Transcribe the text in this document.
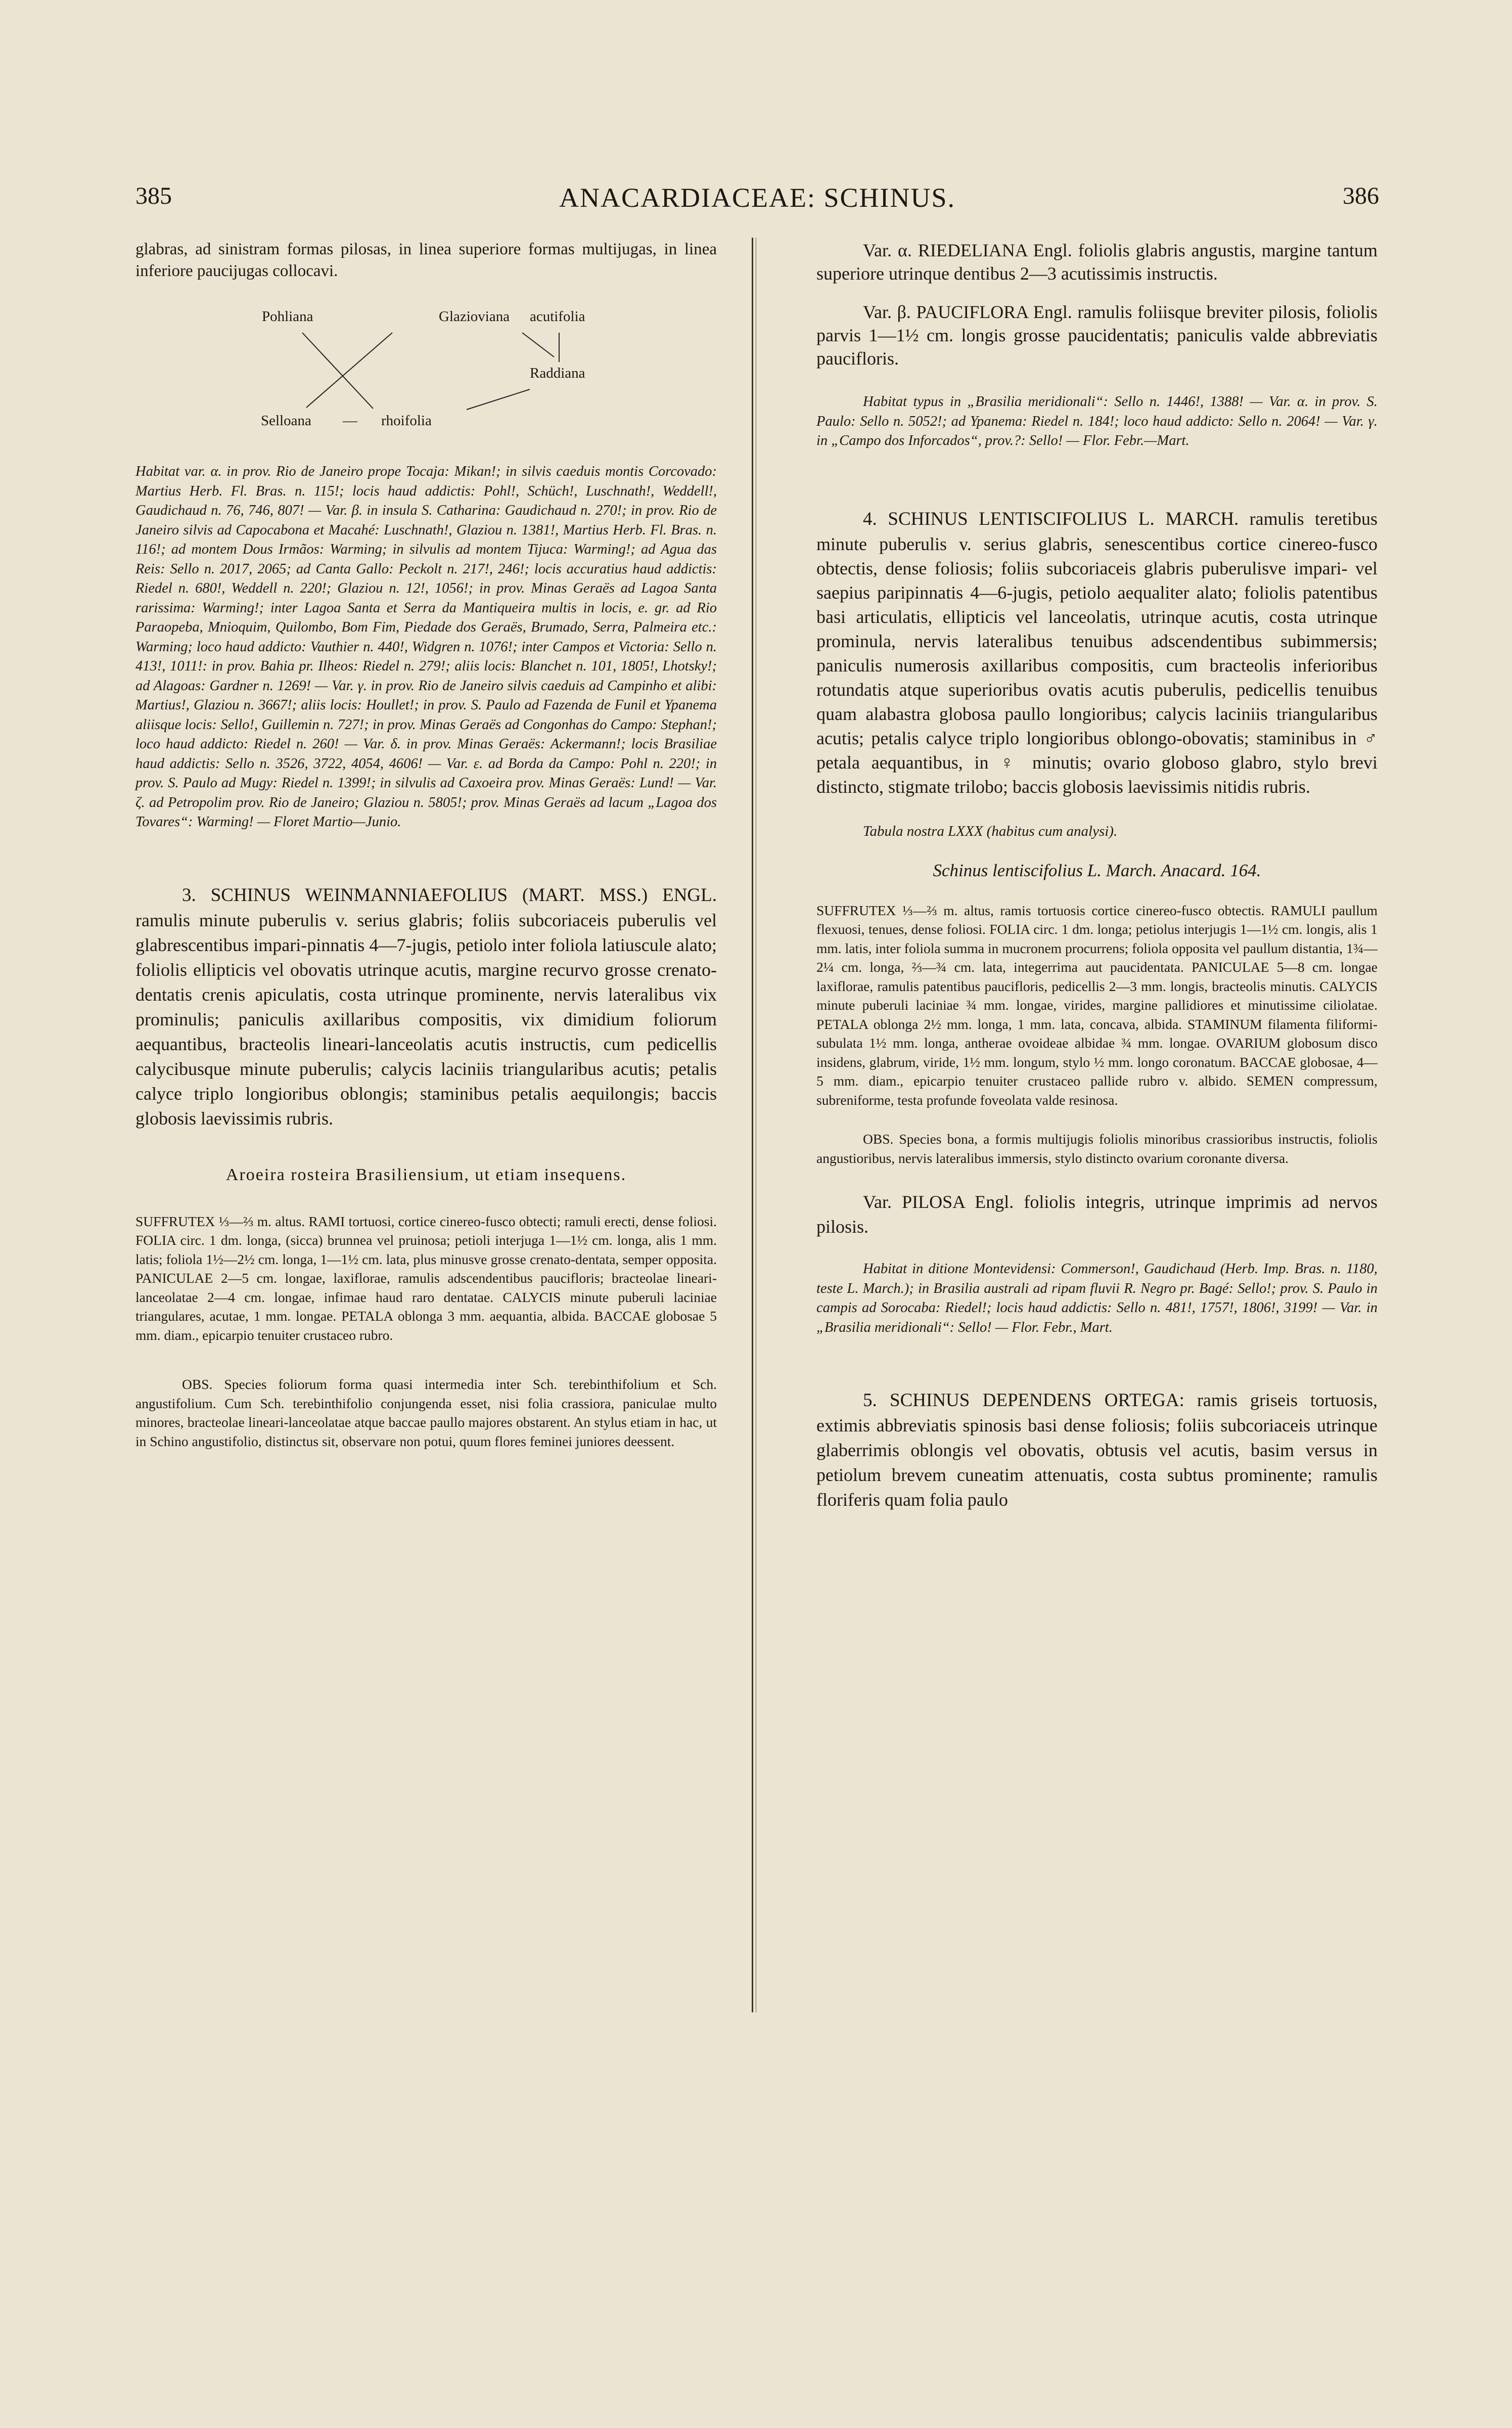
385	ANACARDIACEAE: SCHINUS.	386

glabras, ad sinistram formas pilosas, in linea superiore formas multijugas, in linea inferiore paucijugas collocavi.

Pohliana	Glazioviana acutifolia
Raddiana
Selloana — rhoifolia

Habitat var. α. in prov. Rio de Janeiro prope Tocaja: Mikan!; in silvis caeduis montis Corcovado: Martius Herb. Fl. Bras. n. 115!; locis haud addictis: Pohl!, Schüch!, Luschnath!, Weddell!, Gaudichaud n. 76, 746, 807! — Var. β. in insula S. Catharina: Gaudichaud n. 270!; in prov. Rio de Janeiro silvis ad Capocabona et Macahé: Luschnath!, Glaziou n. 1381!, Martius Herb. Fl. Bras. n. 116!; ad montem Dous Irmãos: Warming; in silvulis ad montem Tijuca: Warming!; ad Agua das Reis: Sello n. 2017, 2065; ad Canta Gallo: Peckolt n. 217!, 246!; locis accuratius haud addictis: Riedel n. 680!, Weddell n. 220!; Glaziou n. 12!, 1056!; in prov. Minas Geraës ad Lagoa Santa rarissima: Warming!; inter Lagoa Santa et Serra da Mantiqueira multis in locis, e. gr. ad Rio Paraopeba, Mnioquim, Quilombo, Bom Fim, Piedade dos Geraës, Brumado, Serra, Palmeira etc.: Warming; loco haud addicto: Vauthier n. 440!, Widgren n. 1076!; inter Campos et Victoria: Sello n. 413!, 1011!: in prov. Bahia pr. Ilheos: Riedel n. 279!; aliis locis: Blanchet n. 101, 1805!, Lhotsky!; ad Alagoas: Gardner n. 1269! — Var. γ. in prov. Rio de Janeiro silvis caeduis ad Campinho et alibi: Martius!, Glaziou n. 3667!; aliis locis: Houllet!; in prov. S. Paulo ad Fazenda de Funil et Ypanema aliisque locis: Sello!, Guillemin n. 727!; in prov. Minas Geraës ad Congonhas do Campo: Stephan!; loco haud addicto: Riedel n. 260! — Var. δ. in prov. Minas Geraës: Ackermann!; locis Brasiliae haud addictis: Sello n. 3526, 3722, 4054, 4606! — Var. ε. ad Borda da Campo: Pohl n. 220!; in prov. S. Paulo ad Mugy: Riedel n. 1399!; in silvulis ad Caxoeira prov. Minas Geraës: Lund! — Var. ζ. ad Petropolim prov. Rio de Janeiro; Glaziou n. 5805!; prov. Minas Geraës ad lacum „Lagoa dos Tovares“: Warming! — Floret Martio—Junio.

3. SCHINUS WEINMANNIAEFOLIUS (MART. MSS.) ENGL. ramulis minute puberulis v. serius glabris; foliis subcoriaceis puberulis vel glabrescentibus impari-pinnatis 4—7-jugis, petiolo inter foliola latiuscule alato; foliolis ellipticis vel obovatis utrinque acutis, margine recurvo grosse crenato-dentatis crenis apiculatis, costa utrinque prominente, nervis lateralibus vix prominulis; paniculis axillaribus compositis, vix dimidium foliorum aequantibus, bracteolis lineari-lanceolatis acutis instructis, cum pedicellis calycibusque minute puberulis; calycis laciniis triangularibus acutis; petalis calyce triplo longioribus oblongis; staminibus petalis aequilongis; baccis globosis laevissimis rubris.

Aroeira rosteira Brasiliensium, ut etiam insequens.

SUFFRUTEX ⅓—⅔ m. altus. RAMI tortuosi, cortice cinereo-fusco obtecti; ramuli erecti, dense foliosi. FOLIA circ. 1 dm. longa, (sicca) brunnea vel pruinosa; petioli interjuga 1—1½ cm. longa, alis 1 mm. latis; foliola 1½—2½ cm. longa, 1—1½ cm. lata, plus minusve grosse crenato-dentata, semper opposita. PANICULAE 2—5 cm. longae, laxiflorae, ramulis adscendentibus paucifloris; bracteolae lineari-lanceolatae 2—4 cm. longae, infimae haud raro dentatae. CALYCIS minute puberuli laciniae triangulares, acutae, 1 mm. longae. PETALA oblonga 3 mm. aequantia, albida. BACCAE globosae 5 mm. diam., epicarpio tenuiter crustaceo rubro.

OBS. Species foliorum forma quasi intermedia inter Sch. terebinthifolium et Sch. angustifolium. Cum Sch. terebinthifolio conjungenda esset, nisi folia crassiora, paniculae multo minores, bracteolae lineari-lanceolatae atque baccae paullo majores obstarent. An stylus etiam in hac, ut in Schino angustifolio, distinctus sit, observare non potui, quum flores feminei juniores deessent.

Var. α. RIEDELIANA Engl. foliolis glabris angustis, margine tantum superiore utrinque dentibus 2—3 acutissimis instructis.

Var. β. PAUCIFLORA Engl. ramulis foliisque breviter pilosis, foliolis parvis 1—1½ cm. longis grosse paucidentatis; paniculis valde abbreviatis paucifloris.

Habitat typus in „Brasilia meridionali“: Sello n. 1446!, 1388! — Var. α. in prov. S. Paulo: Sello n. 5052!; ad Ypanema: Riedel n. 184!; loco haud addicto: Sello n. 2064! — Var. γ. in „Campo dos Inforcados“, prov.?: Sello! — Flor. Febr.—Mart.

4. SCHINUS LENTISCIFOLIUS L. MARCH. ramulis teretibus minute puberulis v. serius glabris, senescentibus cortice cinereo-fusco obtectis, dense foliosis; foliis subcoriaceis glabris puberulisve impari- vel saepius paripinnatis 4—6-jugis, petiolo aequaliter alato; foliolis patentibus basi articulatis, ellipticis vel lanceolatis, utrinque acutis, costa utrinque prominula, nervis lateralibus tenuibus adscendentibus subimmersis; paniculis numerosis axillaribus compositis, cum bracteolis inferioribus rotundatis atque superioribus ovatis acutis puberulis, pedicellis tenuibus quam alabastra globosa paullo longioribus; calycis laciniis triangularibus acutis; petalis calyce triplo longioribus oblongo-obovatis; staminibus in ♂ petala aequantibus, in ♀ minutis; ovario globoso glabro, stylo brevi distincto, stigmate trilobo; baccis globosis laevissimis nitidis rubris.

Tabula nostra LXXX (habitus cum analysi).

Schinus lentiscifolius L. March. Anacard. 164.

SUFFRUTEX ⅓—⅔ m. altus, ramis tortuosis cortice cinereo-fusco obtectis. RAMULI paullum flexuosi, tenues, dense foliosi. FOLIA circ. 1 dm. longa; petiolus interjugis 1—1½ cm. longis, alis 1 mm. latis, inter foliola summa in mucronem procurrens; foliola opposita vel paullum distantia, 1¾—2¼ cm. longa, ⅔—¾ cm. lata, integerrima aut paucidentata. PANICULAE 5—8 cm. longae laxiflorae, ramulis patentibus paucifloris, pedicellis 2—3 mm. longis, bracteolis minutis. CALYCIS minute puberuli laciniae ¾ mm. longae, virides, margine pallidiores et minutissime ciliolatae. PETALA oblonga 2½ mm. longa, 1 mm. lata, concava, albida. STAMINUM filamenta filiformi-subulata 1½ mm. longa, antherae ovoideae albidae ¾ mm. longae. OVARIUM globosum disco insidens, glabrum, viride, 1½ mm. longum, stylo ½ mm. longo coronatum. BACCAE globosae, 4—5 mm. diam., epicarpio tenuiter crustaceo pallide rubro v. albido. SEMEN compressum, subreniforme, testa profunde foveolata valde resinosa.

OBS. Species bona, a formis multijugis foliolis minoribus crassioribus instructis, foliolis angustioribus, nervis lateralibus immersis, stylo distincto ovarium coronante diversa.

Var. PILOSA Engl. foliolis integris, utrinque imprimis ad nervos pilosis.

Habitat in ditione Montevidensi: Commerson!, Gaudichaud (Herb. Imp. Bras. n. 1180, teste L. March.); in Brasilia australi ad ripam fluvii R. Negro pr. Bagé: Sello!; prov. S. Paulo in campis ad Sorocaba: Riedel!; locis haud addictis: Sello n. 481!, 1757!, 1806!, 3199! — Var. in „Brasilia meridionali“: Sello! — Flor. Febr., Mart.

5. SCHINUS DEPENDENS ORTEGA: ramis griseis tortuosis, extimis abbreviatis spinosis basi dense foliosis; foliis subcoriaceis utrinque glaberrimis oblongis vel obovatis, obtusis vel acutis, basim versus in petiolum brevem cuneatim attenuatis, costa subtus prominente; ramulis floriferis quam folia paulo
